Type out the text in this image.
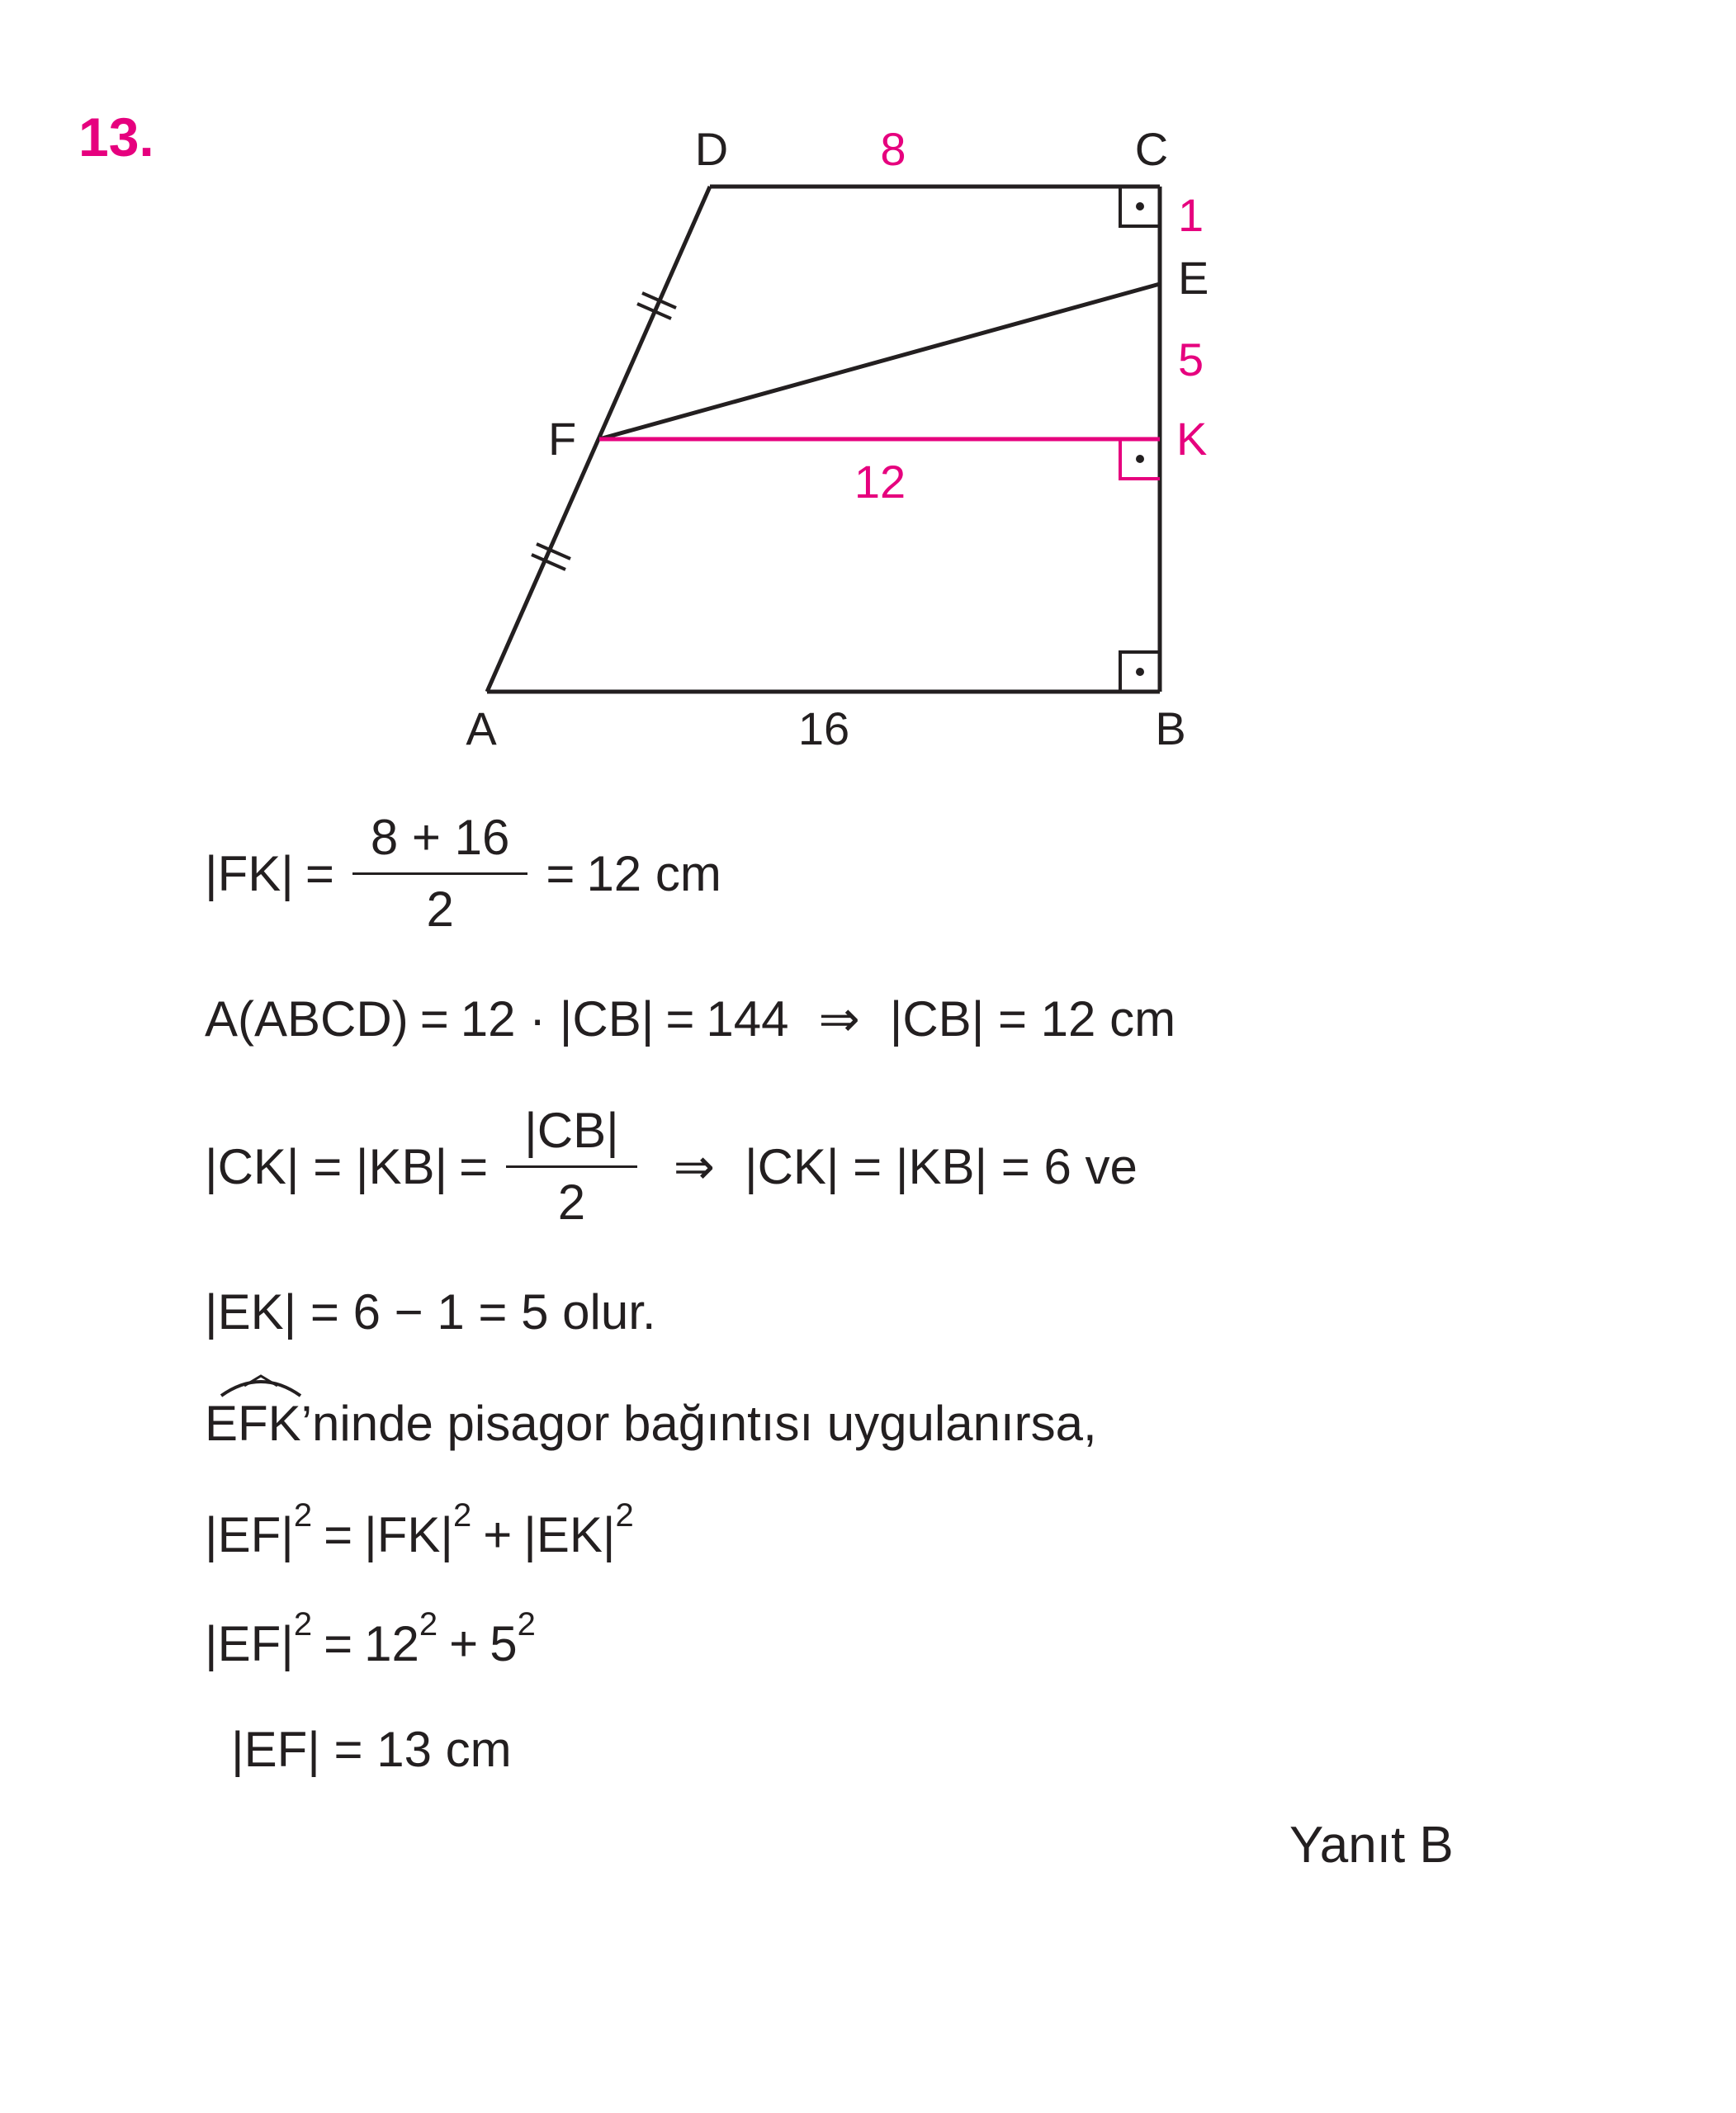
13.	D	C
E
K
F
A	B
8
1
5
12
16
$|FK| = \frac{8 + 16}{2} = 12$ cm
A(ABCD) = 12 · |CB| = 144 ⇒ |CB| = 12 cm
$|CK| = |KB| = \frac{|CB|}{2}$ ⇒ |CK| = |KB| = 6 ve
|EK| = 6 − 1 = 5 olur.
EFK ’ninde pisagor bağıntısı uygulanırsa,
$|EF|^2 = |FK|^2 + |EK|^2$
$|EF|^2 = 12^2 + 5^2$
|EF| = 13 cm
Yanıt B
